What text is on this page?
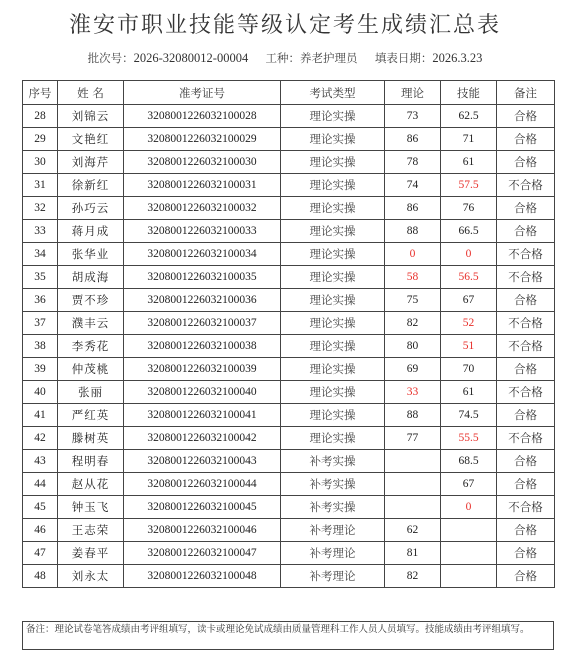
淮安市职业技能等级认定考生成绩汇总表
批次号：2026-32080012-00004 工种：养老护理员 填表日期：2026.3.23
序号	姓 名	准考证号	考试类型	理论	技能	备注
28	刘锦云	3208001226032100028	理论实操	73	62.5	合格
29	文艳红	3208001226032100029	理论实操	86	71	合格
30	刘海芹	3208001226032100030	理论实操	78	61	合格
31	徐新红	3208001226032100031	理论实操	74	57.5	不合格
32	孙巧云	3208001226032100032	理论实操	86	76	合格
33	蒋月成	3208001226032100033	理论实操	88	66.5	合格
34	张华业	3208001226032100034	理论实操	0	0	不合格
35	胡成海	3208001226032100035	理论实操	58	56.5	不合格
36	贾不珍	3208001226032100036	理论实操	75	67	合格
37	濮丰云	3208001226032100037	理论实操	82	52	不合格
38	李秀花	3208001226032100038	理论实操	80	51	不合格
39	仲茂桃	3208001226032100039	理论实操	69	70	合格
40	张丽	3208001226032100040	理论实操	33	61	不合格
41	严红英	3208001226032100041	理论实操	88	74.5	合格
42	滕树英	3208001226032100042	理论实操	77	55.5	不合格
43	程明春	3208001226032100043	补考实操		68.5	合格
44	赵从花	3208001226032100044	补考实操		67	合格
45	钟玉飞	3208001226032100045	补考实操		0	不合格
46	王志荣	3208001226032100046	补考理论	62		合格
47	姜春平	3208001226032100047	补考理论	81		合格
48	刘永太	3208001226032100048	补考理论	82		合格
备注：理论试卷笔答成绩由考评组填写，读卡或理论免试成绩由质量管理科工作人员人员填写。技能成绩由考评组填写。
